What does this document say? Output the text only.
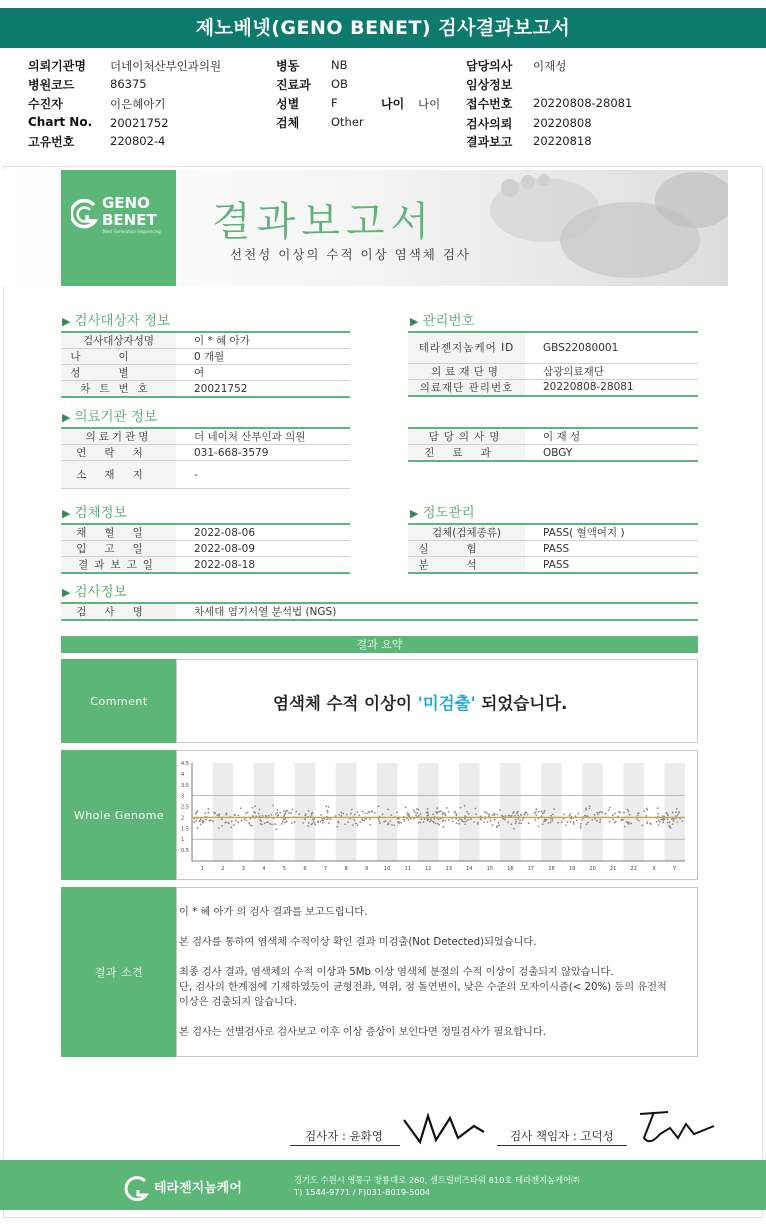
제노베넷(GENO BENET) 검사결과보고서
의뢰기관명 더네이처산부인과의원
병원코드	86375
수진자	이은혜아기
Chart No. 20021752
고유번호	220802-4
병동	NB
진료과 OB
성별	F	나이 나이
검체	Other
담당의사 이재성
임상정보
접수번호 20220808-28081
검사의뢰 20220808
결과보고 20220818
GENO
BENET
Next Generation Sequencing 결과보고서
선천성 이상의 수적 이상 염색체 검사
▶ 검사대상자 정보
검사대상자성명	이 * 혜 아가
나이	0 개월
성별	여
차트번호	20021752
▶ 관리번호
테라젠지놈케어 ID	GBS22080001
의료재단명	삼광의료재단
의료재단 관리번호	20220808-28081
▶ 의료기관 정보
의료기관명	더 네이처 산부인과 의원
연락처	031-668-3579
소재지	-
담당의사명	이 재 성
진료과	OBGY
▶ 검체정보
채혈일	2022-08-06
입고일	2022-08-09
결과보고일	2022-08-18
▶ 정도관리
검체(검체종류)	PASS( 혈액여지 )
실험	PASS
분석	PASS
▶ 검사정보
검사명	차세대 염기서열 분석법 (NGS)
결과 요약
Comment	염색체 수적 이상이 '미검출' 되었습니다.
Whole Genome
4.5
4
3.5
3
2.5
2
1.5
1
0.5
1	2	3	4	5	6	7	8	9	10	11	12	13	14	15	16	17	18	19	20	21	22	X	Y
결과 소견

이 * 혜 아가 의 검사 결과를 보고드립니다.

본 검사를 통하여 염색체 수적이상 확인 결과 미검출(Not Detected)되었습니다.

최종 검사 결과, 염색체의 수적 이상과 5Mb 이상 염색체 분절의 수적 이상이 검출되지 않았습니다.

단, 검사의 한계점에 기재하였듯이 균형전좌, 역위, 점 돌연변이, 낮은 수준의 모자이시즘(< 20%) 등의 유전적

이상은 검출되지 않습니다.

본 검사는 선별검사로 검사보고 이후 이상 증상이 보인다면 정밀검사가 필요합니다.

검사자 : 윤화영	검사 책임자 : 고덕성
테라젠지놈케어
경기도 수원시 영통구 창룡대로 260, 센트럴비즈타워 810호 테라젠지놈케어㈜
T) 1544-9771 / F)031-8019-5004
